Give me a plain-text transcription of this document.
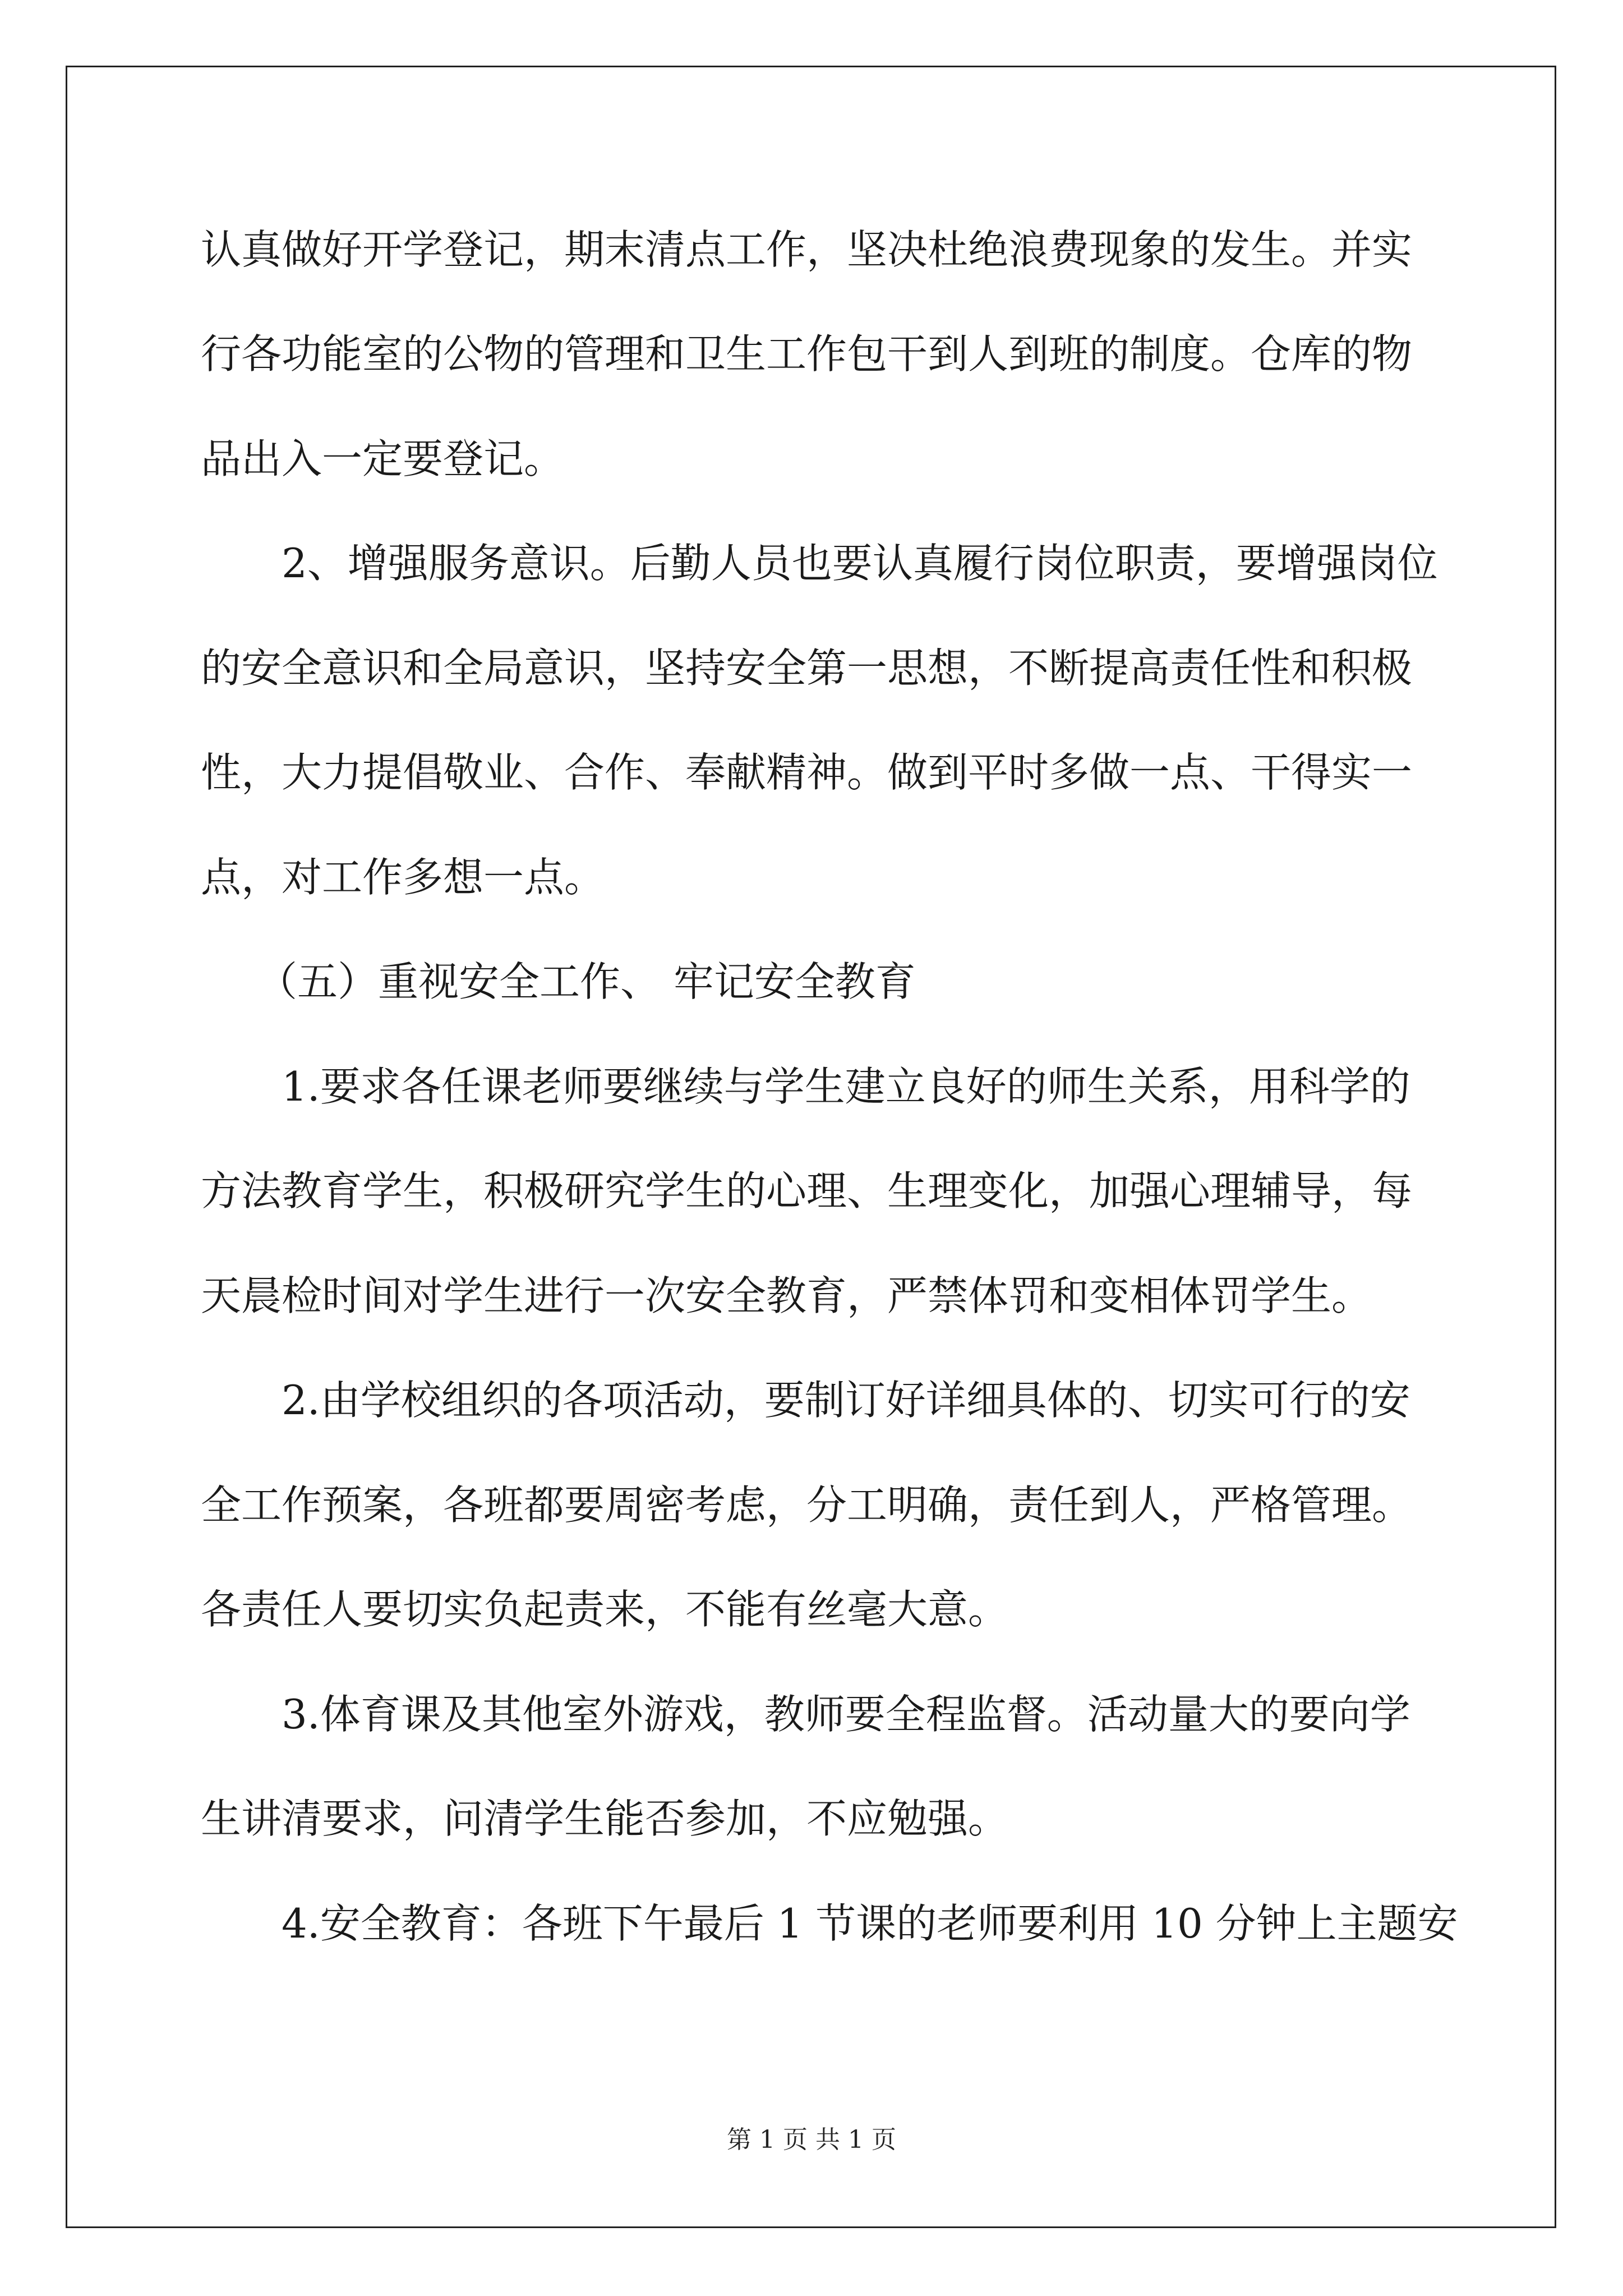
认真做好开学登记，期末清点工作，坚决杜绝浪费现象的发生。并实
行各功能室的公物的管理和卫生工作包干到人到班的制度。仓库的物
品出入一定要登记。
2、增强服务意识。后勤人员也要认真履行岗位职责，要增强岗位
的安全意识和全局意识，坚持安全第一思想，不断提高责任性和积极
性，大力提倡敬业、合作、奉献精神。做到平时多做一点、干得实一
点，对工作多想一点。
（五）重视安全工作、 牢记安全教育
1.要求各任课老师要继续与学生建立良好的师生关系，用科学的
方法教育学生，积极研究学生的心理、生理变化，加强心理辅导，每
天晨检时间对学生进行一次安全教育，严禁体罚和变相体罚学生。
2.由学校组织的各项活动，要制订好详细具体的、切实可行的安
全工作预案，各班都要周密考虑，分工明确，责任到人，严格管理。
各责任人要切实负起责来，不能有丝毫大意。
3.体育课及其他室外游戏，教师要全程监督。活动量大的要向学
生讲清要求，问清学生能否参加，不应勉强。
4.安全教育：各班下午最后 1 节课的老师要利用 10 分钟上主题安
第 1 页 共 1 页
